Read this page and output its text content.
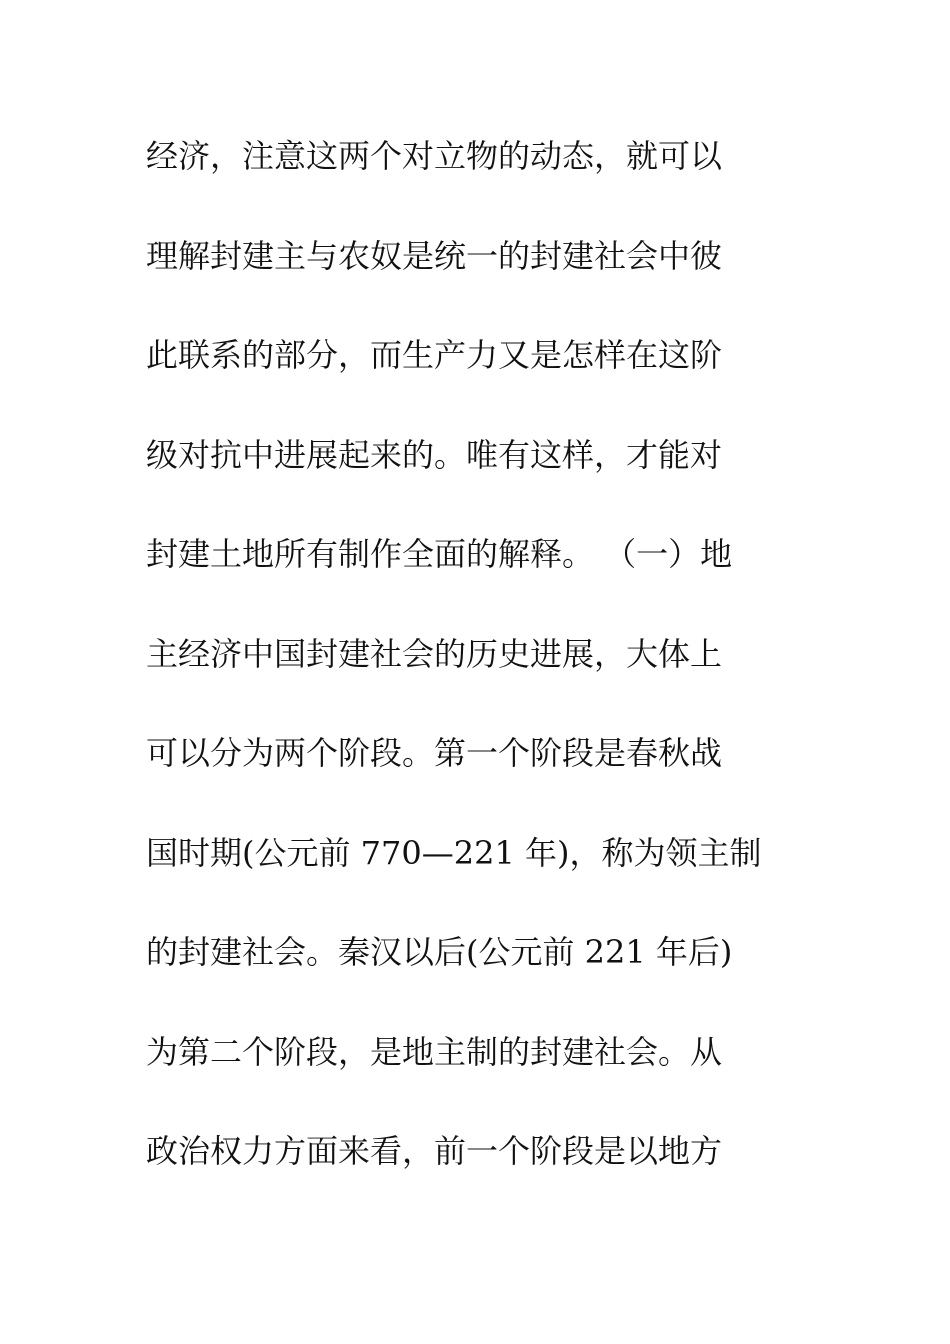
经济，注意这两个对立物的动态，就可以
理解封建主与农奴是统一的封建社会中彼
此联系的部分，而生产力又是怎样在这阶
级对抗中进展起来的。唯有这样，才能对
封建土地所有制作全面的解释。 （一）地
主经济中国封建社会的历史进展，大体上
可以分为两个阶段。第一个阶段是春秋战
国时期(公元前 770—221 年)，称为领主制
的封建社会。秦汉以后(公元前 221 年后)
为第二个阶段，是地主制的封建社会。从
政治权力方面来看，前一个阶段是以地方
